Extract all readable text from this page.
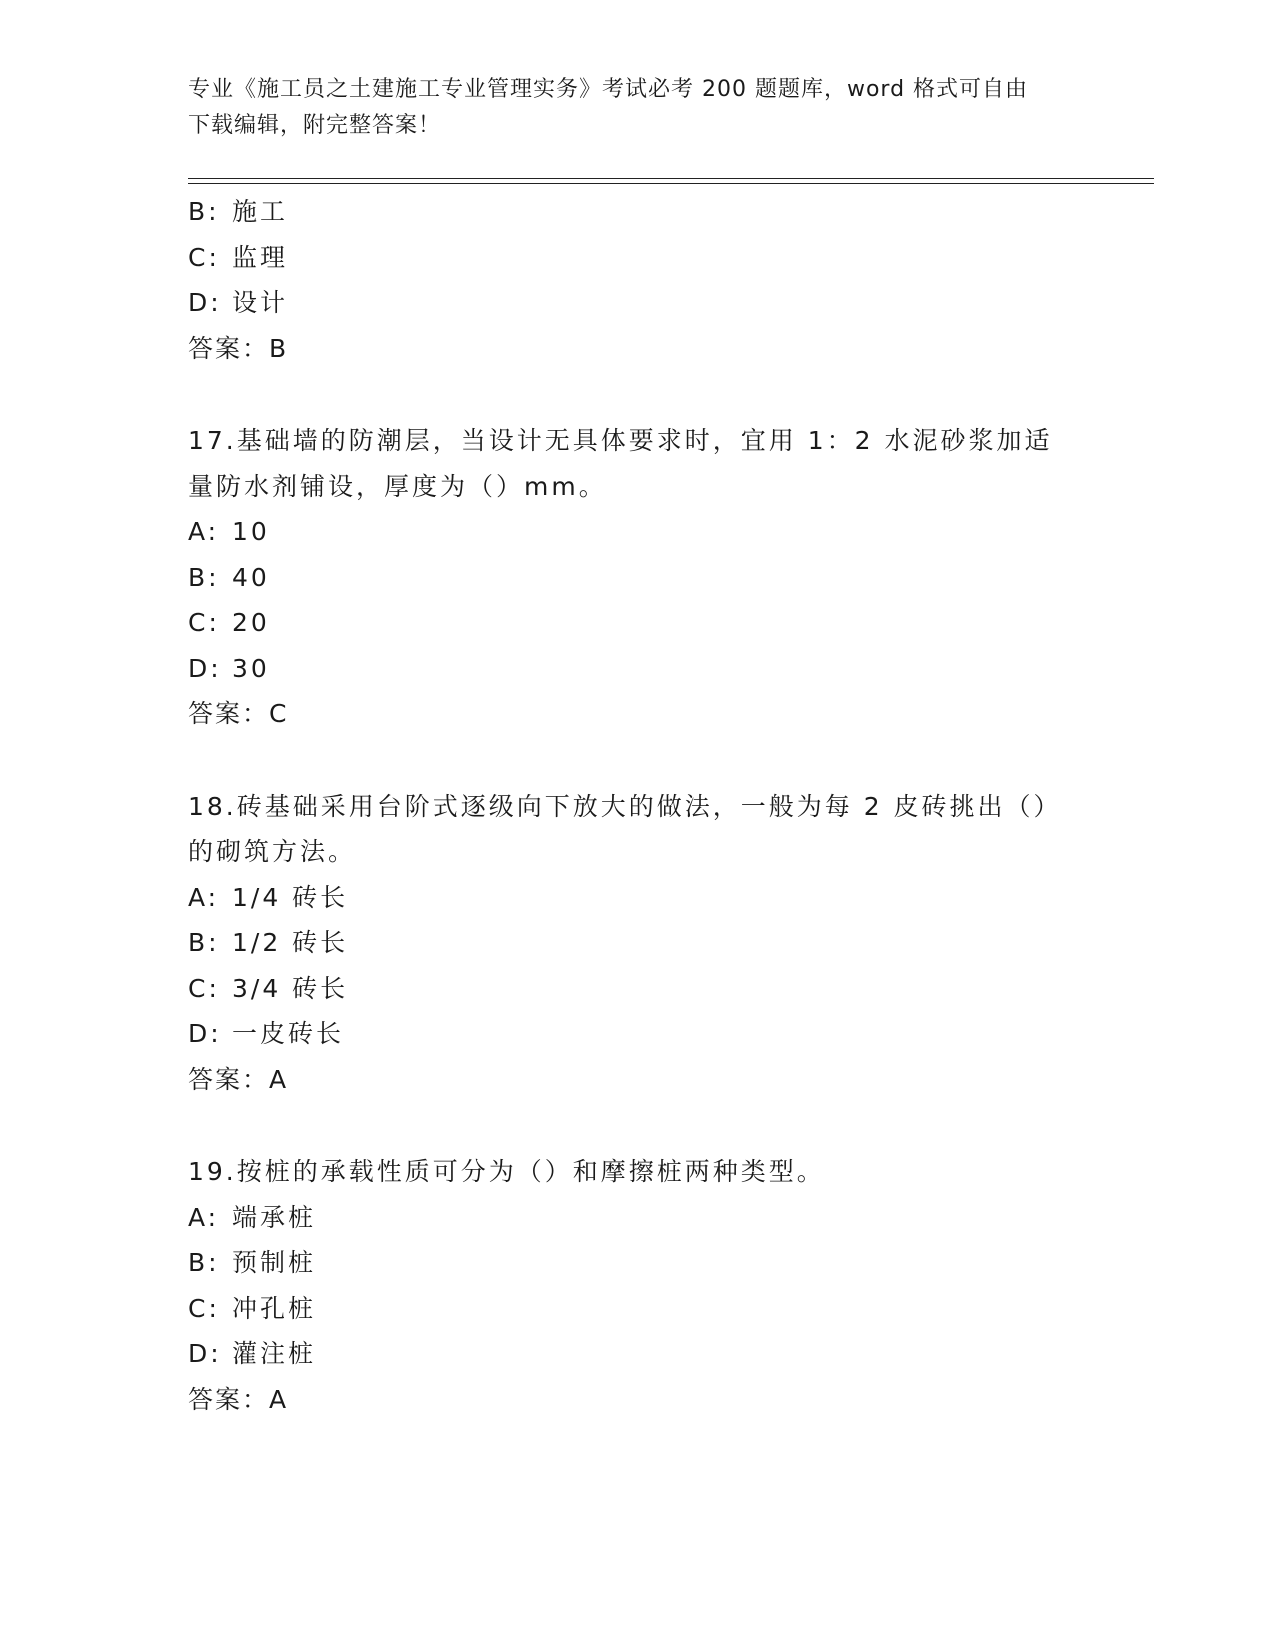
专业《施工员之土建施工专业管理实务》考试必考 200 题题库，word 格式可自由
下载编辑，附完整答案！
B: 施工
C: 监理
D: 设计
答案：B
17.基础墙的防潮层，当设计无具体要求时，宜用 1：2 水泥砂浆加适
量防水剂铺设，厚度为（）mm。
A: 10
B: 40
C: 20
D: 30
答案：C
18.砖基础采用台阶式逐级向下放大的做法，一般为每 2 皮砖挑出（）
的砌筑方法。
A: 1/4 砖长
B: 1/2 砖长
C: 3/4 砖长
D: 一皮砖长
答案：A
19.按桩的承载性质可分为（）和摩擦桩两种类型。
A: 端承桩
B: 预制桩
C: 冲孔桩
D: 灌注桩
答案：A
